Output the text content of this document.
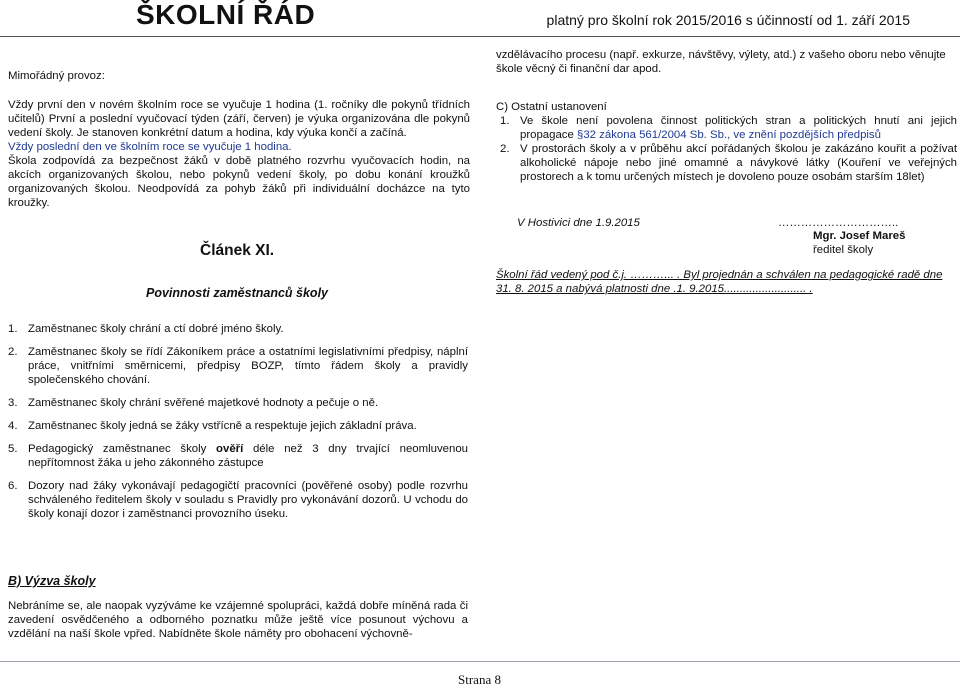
ŠKOLNÍ ŘÁD	platný pro školní rok 2015/2016 s účinností od 1. září 2015
Mimořádný provoz:
Vždy první den v novém školním roce se vyučuje 1 hodina (1. ročníky dle pokynů třídních učitelů) První a poslední vyučovací týden (září, červen) je výuka organizována dle pokynů vedení školy. Je stanoven konkrétní datum a hodina, kdy výuka končí a začíná.
Vždy poslední den ve školním roce se vyučuje 1 hodina.
Škola zodpovídá za bezpečnost žáků v době platného rozvrhu vyučovacích hodin, na akcích organizovaných školou, nebo pokynů vedení školy, po dobu konání kroužků organizovaných školou. Neodpovídá za pohyb žáků při individuální docházce na tyto kroužky.
Článek XI.
Povinnosti zaměstnanců školy
1. Zaměstnanec školy chrání a ctí dobré jméno školy.
2. Zaměstnanec školy se řídí Zákoníkem práce a ostatními legislativními předpisy, náplní práce, vnitřními směrnicemi, předpisy BOZP, tímto řádem školy a pravidly společenského chování.
3. Zaměstnanec školy chrání svěřené majetkové hodnoty a pečuje o ně.
4. Zaměstnanec školy jedná se žáky vstřícně a respektuje jejich základní práva.
5. Pedagogický zaměstnanec školy ověří déle než 3 dny trvající neomluvenou nepřítomnost žáka u jeho zákonného zástupce
6. Dozory nad žáky vykonávají pedagogičtí pracovníci (pověřené osoby) podle rozvrhu schváleného ředitelem školy v souladu s Pravidly pro vykonávání dozorů. U vchodu do školy konají dozor i zaměstnanci provozního úseku.
B) Výzva školy
Nebráníme se, ale naopak vyzýváme ke vzájemné spolupráci, každá dobře míněná rada či zavedení osvědčeného a odborného poznatku může ještě více posunout výchovu a vzdělání na naší škole vpřed. Nabídněte škole náměty pro obohacení výchovně-
vzdělávacího procesu (např. exkurze, návštěvy, výlety, atd.) z vašeho oboru nebo věnujte škole věcný či finanční dar apod.
C) Ostatní ustanovení
1. Ve škole není povolena činnost politických stran a politických hnutí ani jejich propagace §32 zákona 561/2004 Sb. Sb., ve znění pozdějších předpisů
2. V prostorách školy a v průběhu akcí pořádaných školou je zakázáno kouřit a požívat alkoholické nápoje nebo jiné omamné a návykové látky (Kouření ve veřejných prostorech a k tomu určených místech je dovoleno pouze osobám starším 18let)
V Hostivici dne 1.9.2015	…………………………..
Mgr. Josef Mareš
ředitel školy
Školní řád vedený pod č.j. ………... . Byl projednán a schválen na pedagogické radě dne
31. 8. 2015 a nabývá platnosti dne .1. 9.2015.......................... .
Strana 8
